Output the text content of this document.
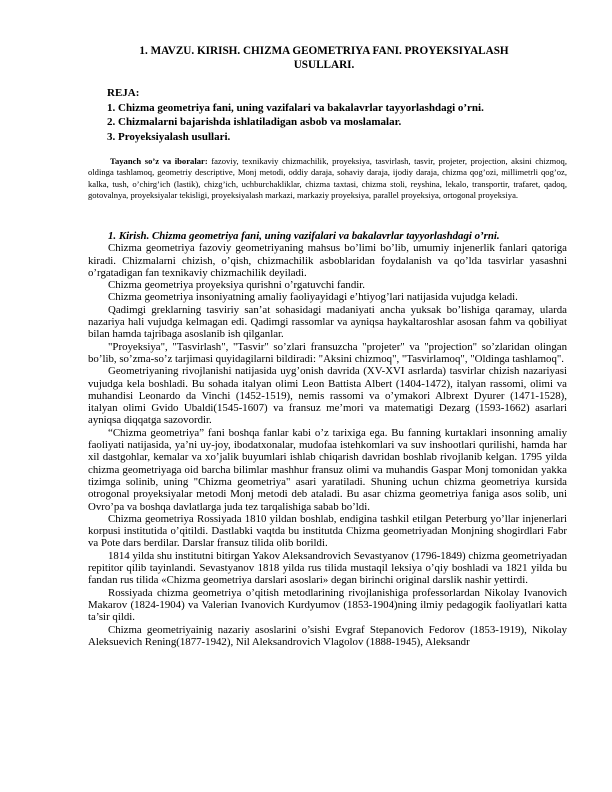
1. MAVZU. KIRISH. CHIZMA GEOMETRIYA FANI. PROYEKSIYALASH
USULLARI.
REJA:
1. Chizma geometriya fani, uning vazifalari va bakalavrlar tayyorlashdagi o’rni.
2. Chizmalarni bajarishda ishlatiladigan asbob va moslamalar.
3. Proyeksiyalash usullari.
Tayanch so’z va iboralar: fazoviy, texnikaviy chizmachilik, proyeksiya, tasvirlash, tasvir, projeter, projection, aksini chizmoq, oldinga tashlamoq, geometriy descriptive, Monj metodi, oddiy daraja, sohaviy daraja, ijodiy daraja, chizma qog’ozi, millimetrli qog’oz, kalka, tush, o’chirg’ich (lastik), chizg’ich, uchburchakliklar, chizma taxtasi, chizma stoli, reyshina, lekalo, transportir, trafaret, qadoq, gotovalnya, proyeksiyalar tekisligi, proyeksiyalash markazi, markaziy proyeksiya, parallel proyeksiya, ortogonal proyeksiya.

1. Kirish. Chizma geometriya fani, uning vazifalari va bakalavrlar tayyorlashdagi o’rni.

Chizma geometriya fazoviy geometriyaning mahsus bo’limi bo’lib, umumiy injenerlik fanlari qatoriga kiradi. Chizmalarni chizish, o’qish, chizmachilik asboblaridan foydalanish va qo’lda tasvirlar yasashni o’rgatadigan fan texnikaviy chizmachilik deyiladi.

Chizma geometriya proyeksiya qurishni o’rgatuvchi fandir.

Chizma geometriya insoniyatning amaliy faoliyayidagi e’htiyog’lari natijasida vujudga keladi.

Qadimgi greklarning tasviriy san’at sohasidagi madaniyati ancha yuksak bo’lishiga qaramay, ularda nazariya hali vujudga kelmagan edi. Qadimgi rassomlar va ayniqsa haykaltaroshlar asosan fahm va qobiliyat bilan hamda tajribaga asoslanib ish qilganlar.

"Proyeksiya", "Tasvirlash", "Tasvir" so’zlari fransuzcha "projeter" va "projection" so’zlaridan olingan bo’lib, so’zma-so’z tarjimasi quyidagilarni bildiradi: "Aksini chizmoq", "Tasvirlamoq", "Oldinga tashlamoq".

Geometriyaning rivojlanishi natijasida uyg’onish davrida (XV-XVI asrlarda) tasvirlar chizish nazariyasi vujudga kela boshladi. Bu sohada italyan olimi Leon Battista Albert (1404-1472), italyan rassomi, olimi va muhandisi Leonardo da Vinchi (1452-1519), nemis rassomi va o’ymakori Albrext Dyurer (1471-1528), italyan olimi Gvido Ubaldi(1545-1607) va fransuz me’mori va matematigi Dezarg (1593-1662) asarlari ayniqsa diqqatga sazovordir.

“Chizma geometriya” fani boshqa fanlar kabi o’z tarixiga ega. Bu fanning kurtaklari insonning amaliy faoliyati natijasida, ya’ni uy-joy, ibodatxonalar, mudofaa istehkomlari va suv inshootlari qurilishi, hamda har xil dastgohlar, kemalar va xo’jalik buyumlari ishlab chiqarish davridan boshlab rivojlanib kelgan. 1795 yilda chizma geometriyaga oid barcha bilimlar mashhur fransuz olimi va muhandis Gaspar Monj tomonidan yakka tizimga solinib, uning "Chizma geometriya" asari yaratiladi. Shuning uchun chizma geometriya kursida otrogonal proyeksiyalar metodi Monj metodi deb ataladi. Bu asar chizma geometriya faniga asos solib, uni Ovro’pa va boshqa davlatlarga juda tez tarqalishiga sabab bo’ldi.

Chizma geometriya Rossiyada 1810 yildan boshlab, endigina tashkil etilgan Peterburg yo’llar injenerlari korpusi institutida o’qitildi. Dastlabki vaqtda bu institutda Chizma geometriyadan Monjning shogirdlari Fabr va Pote dars berdilar. Darslar fransuz tilida olib borildi.

1814 yilda shu institutni bitirgan Yakov Aleksandrovich Sevastyanov (1796-1849) chizma geometriyadan repititor qilib tayinlandi. Sevastyanov 1818 yilda rus tilida mustaqil leksiya o’qiy boshladi va 1821 yilda bu fandan rus tilida «Chizma geometriya darslari asoslari» degan birinchi original darslik nashir yettirdi.

Rossiyada chizma geometriya o’qitish metodlarining rivojlanishiga professorlardan Nikolay Ivanovich Makarov (1824-1904) va Valerian Ivanovich Kurdyumov (1853-1904)ning ilmiy pedagogik faoliyatlari katta ta’sir qildi.

Chizma geometriyainig nazariy asoslarini o’sishi Evgraf Stepanovich Fedorov (1853-1919), Nikolay Aleksuevich Rening(1877-1942), Nil Aleksandrovich Vlagolov (1888-1945), Aleksandr
